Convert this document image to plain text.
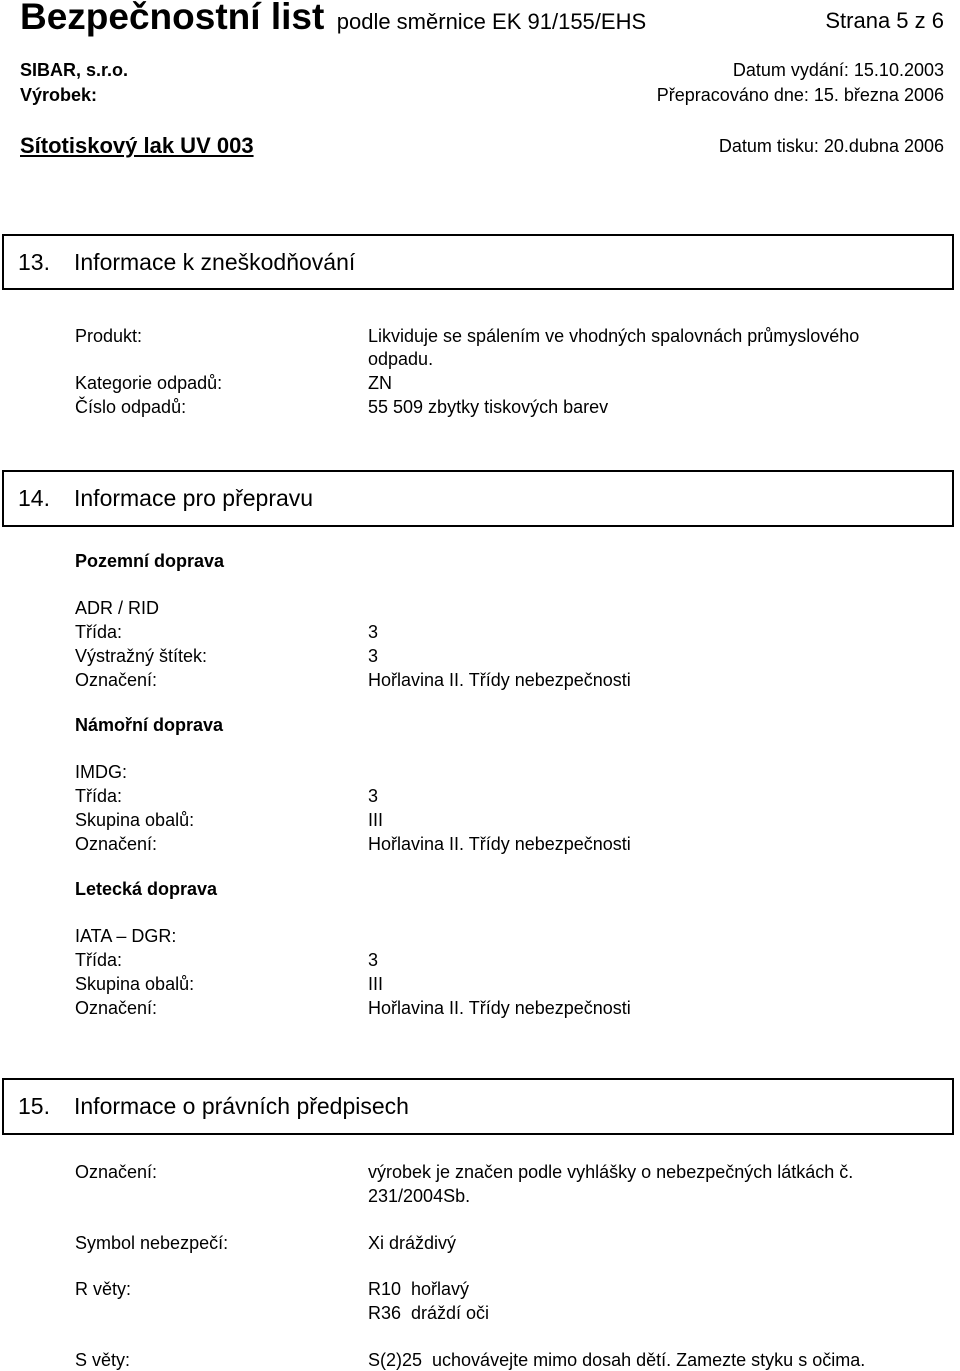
Bezpečnostní list podle směrnice EK 91/155/EHS	Strana 5 z 6
SIBAR, s.r.o.	Datum vydání: 15.10.2003
Výrobek:	Přepracováno dne: 15. března 2006
Sítotiskový lak UV 003	Datum tisku: 20.dubna 2006
13. Informace k zneškodňování
Produkt:	Likviduje se spálením ve vhodných spalovnách průmyslového
odpadu.
Kategorie odpadů:	ZN
Číslo odpadů:	55 509 zbytky tiskových barev
14. Informace pro přepravu
Pozemní doprava
ADR / RID
Třída:	3
Výstražný štítek:	3
Označení:	Hořlavina II. Třídy nebezpečnosti
Námořní doprava
IMDG:
Třída:	3
Skupina obalů:	III
Označení:	Hořlavina II. Třídy nebezpečnosti
Letecká doprava
IATA – DGR:
Třída:	3
Skupina obalů:	III
Označení:	Hořlavina II. Třídy nebezpečnosti
15. Informace o právních předpisech
Označení:	výrobek je značen podle vyhlášky o nebezpečných látkách č.
231/2004Sb.
Symbol nebezpečí:	Xi dráždivý
R věty:	R10  hořlavý
R36  dráždí oči
S věty:	S(2)25  uchovávejte mimo dosah dětí. Zamezte styku s očima.
